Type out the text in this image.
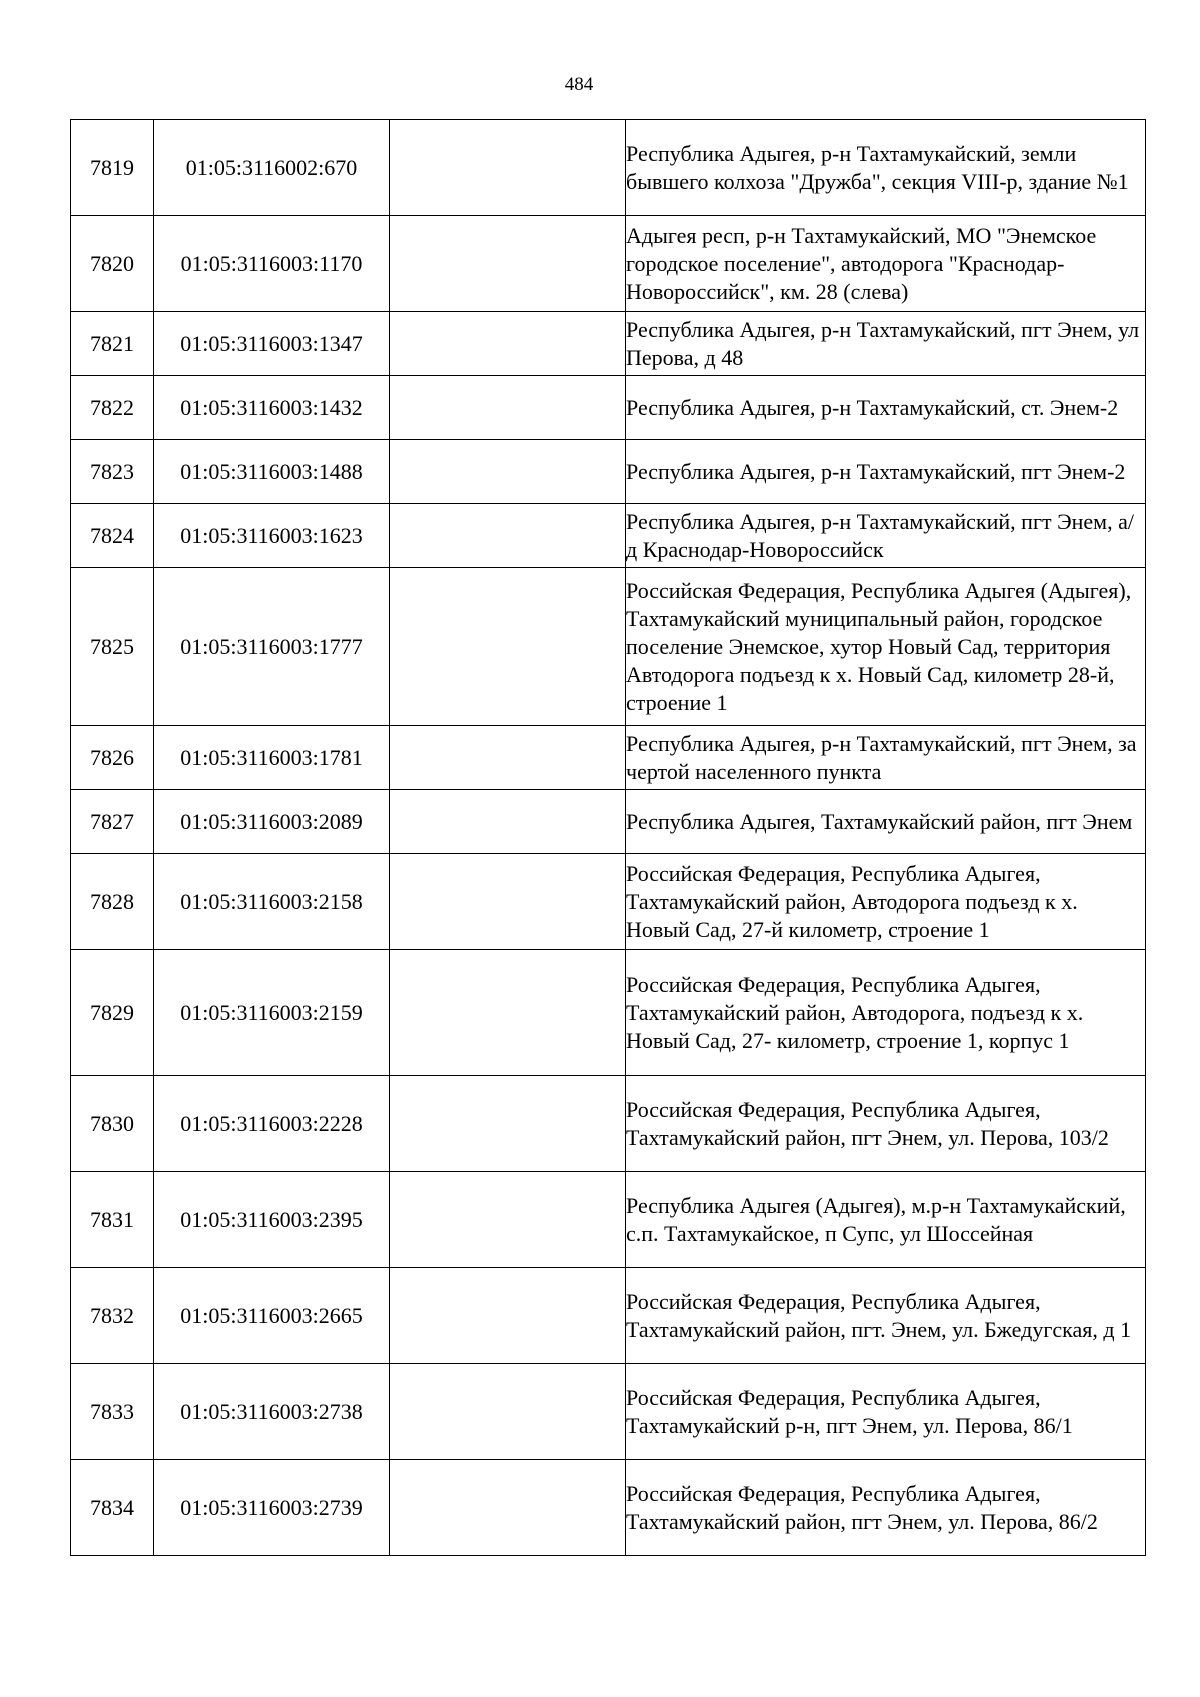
484
7819	01:05:3116002:670		Республика Адыгея, р-н Тахтамукайский, земли бывшего колхоза "Дружба", секция VIII-р, здание №1
7820	01:05:3116003:1170		Адыгея респ, р-н Тахтамукайский, МО "Энемское городское поселение", автодорога "Краснодар-Новороссийск", км. 28 (слева)
7821	01:05:3116003:1347		Республика Адыгея, р-н Тахтамукайский, пгт Энем, ул Перова, д 48
7822	01:05:3116003:1432		Республика Адыгея, р-н Тахтамукайский, ст. Энем-2
7823	01:05:3116003:1488		Республика Адыгея, р-н Тахтамукайский, пгт Энем-2
7824	01:05:3116003:1623		Республика Адыгея, р-н Тахтамукайский, пгт Энем, а/д Краснодар-Новороссийск
7825	01:05:3116003:1777		Российская Федерация, Республика Адыгея (Адыгея), Тахтамукайский муниципальный район, городское поселение Энемское, хутор Новый Сад, территория Автодорога подъезд к х. Новый Сад, километр 28-й, строение 1
7826	01:05:3116003:1781		Республика Адыгея, р-н Тахтамукайский, пгт Энем, за чертой населенного пункта
7827	01:05:3116003:2089		Республика Адыгея, Тахтамукайский район, пгт Энем
7828	01:05:3116003:2158		Российская Федерация, Республика Адыгея, Тахтамукайский район, Автодорога подъезд к х. Новый Сад, 27-й километр, строение 1
7829	01:05:3116003:2159		Российская Федерация, Республика Адыгея, Тахтамукайский район, Автодорога, подъезд к х. Новый Сад, 27- километр, строение 1, корпус 1
7830	01:05:3116003:2228		Российская Федерация, Республика Адыгея, Тахтамукайский район, пгт Энем, ул. Перова, 103/2
7831	01:05:3116003:2395		Республика Адыгея (Адыгея), м.р-н Тахтамукайский, с.п. Тахтамукайское, п Супс, ул Шоссейная
7832	01:05:3116003:2665		Российская Федерация, Республика Адыгея, Тахтамукайский район, пгт. Энем, ул. Бжедугская, д 1
7833	01:05:3116003:2738		Российская Федерация, Республика Адыгея, Тахтамукайский р-н, пгт Энем, ул. Перова, 86/1
7834	01:05:3116003:2739		Российская Федерация, Республика Адыгея, Тахтамукайский район, пгт Энем, ул. Перова, 86/2
